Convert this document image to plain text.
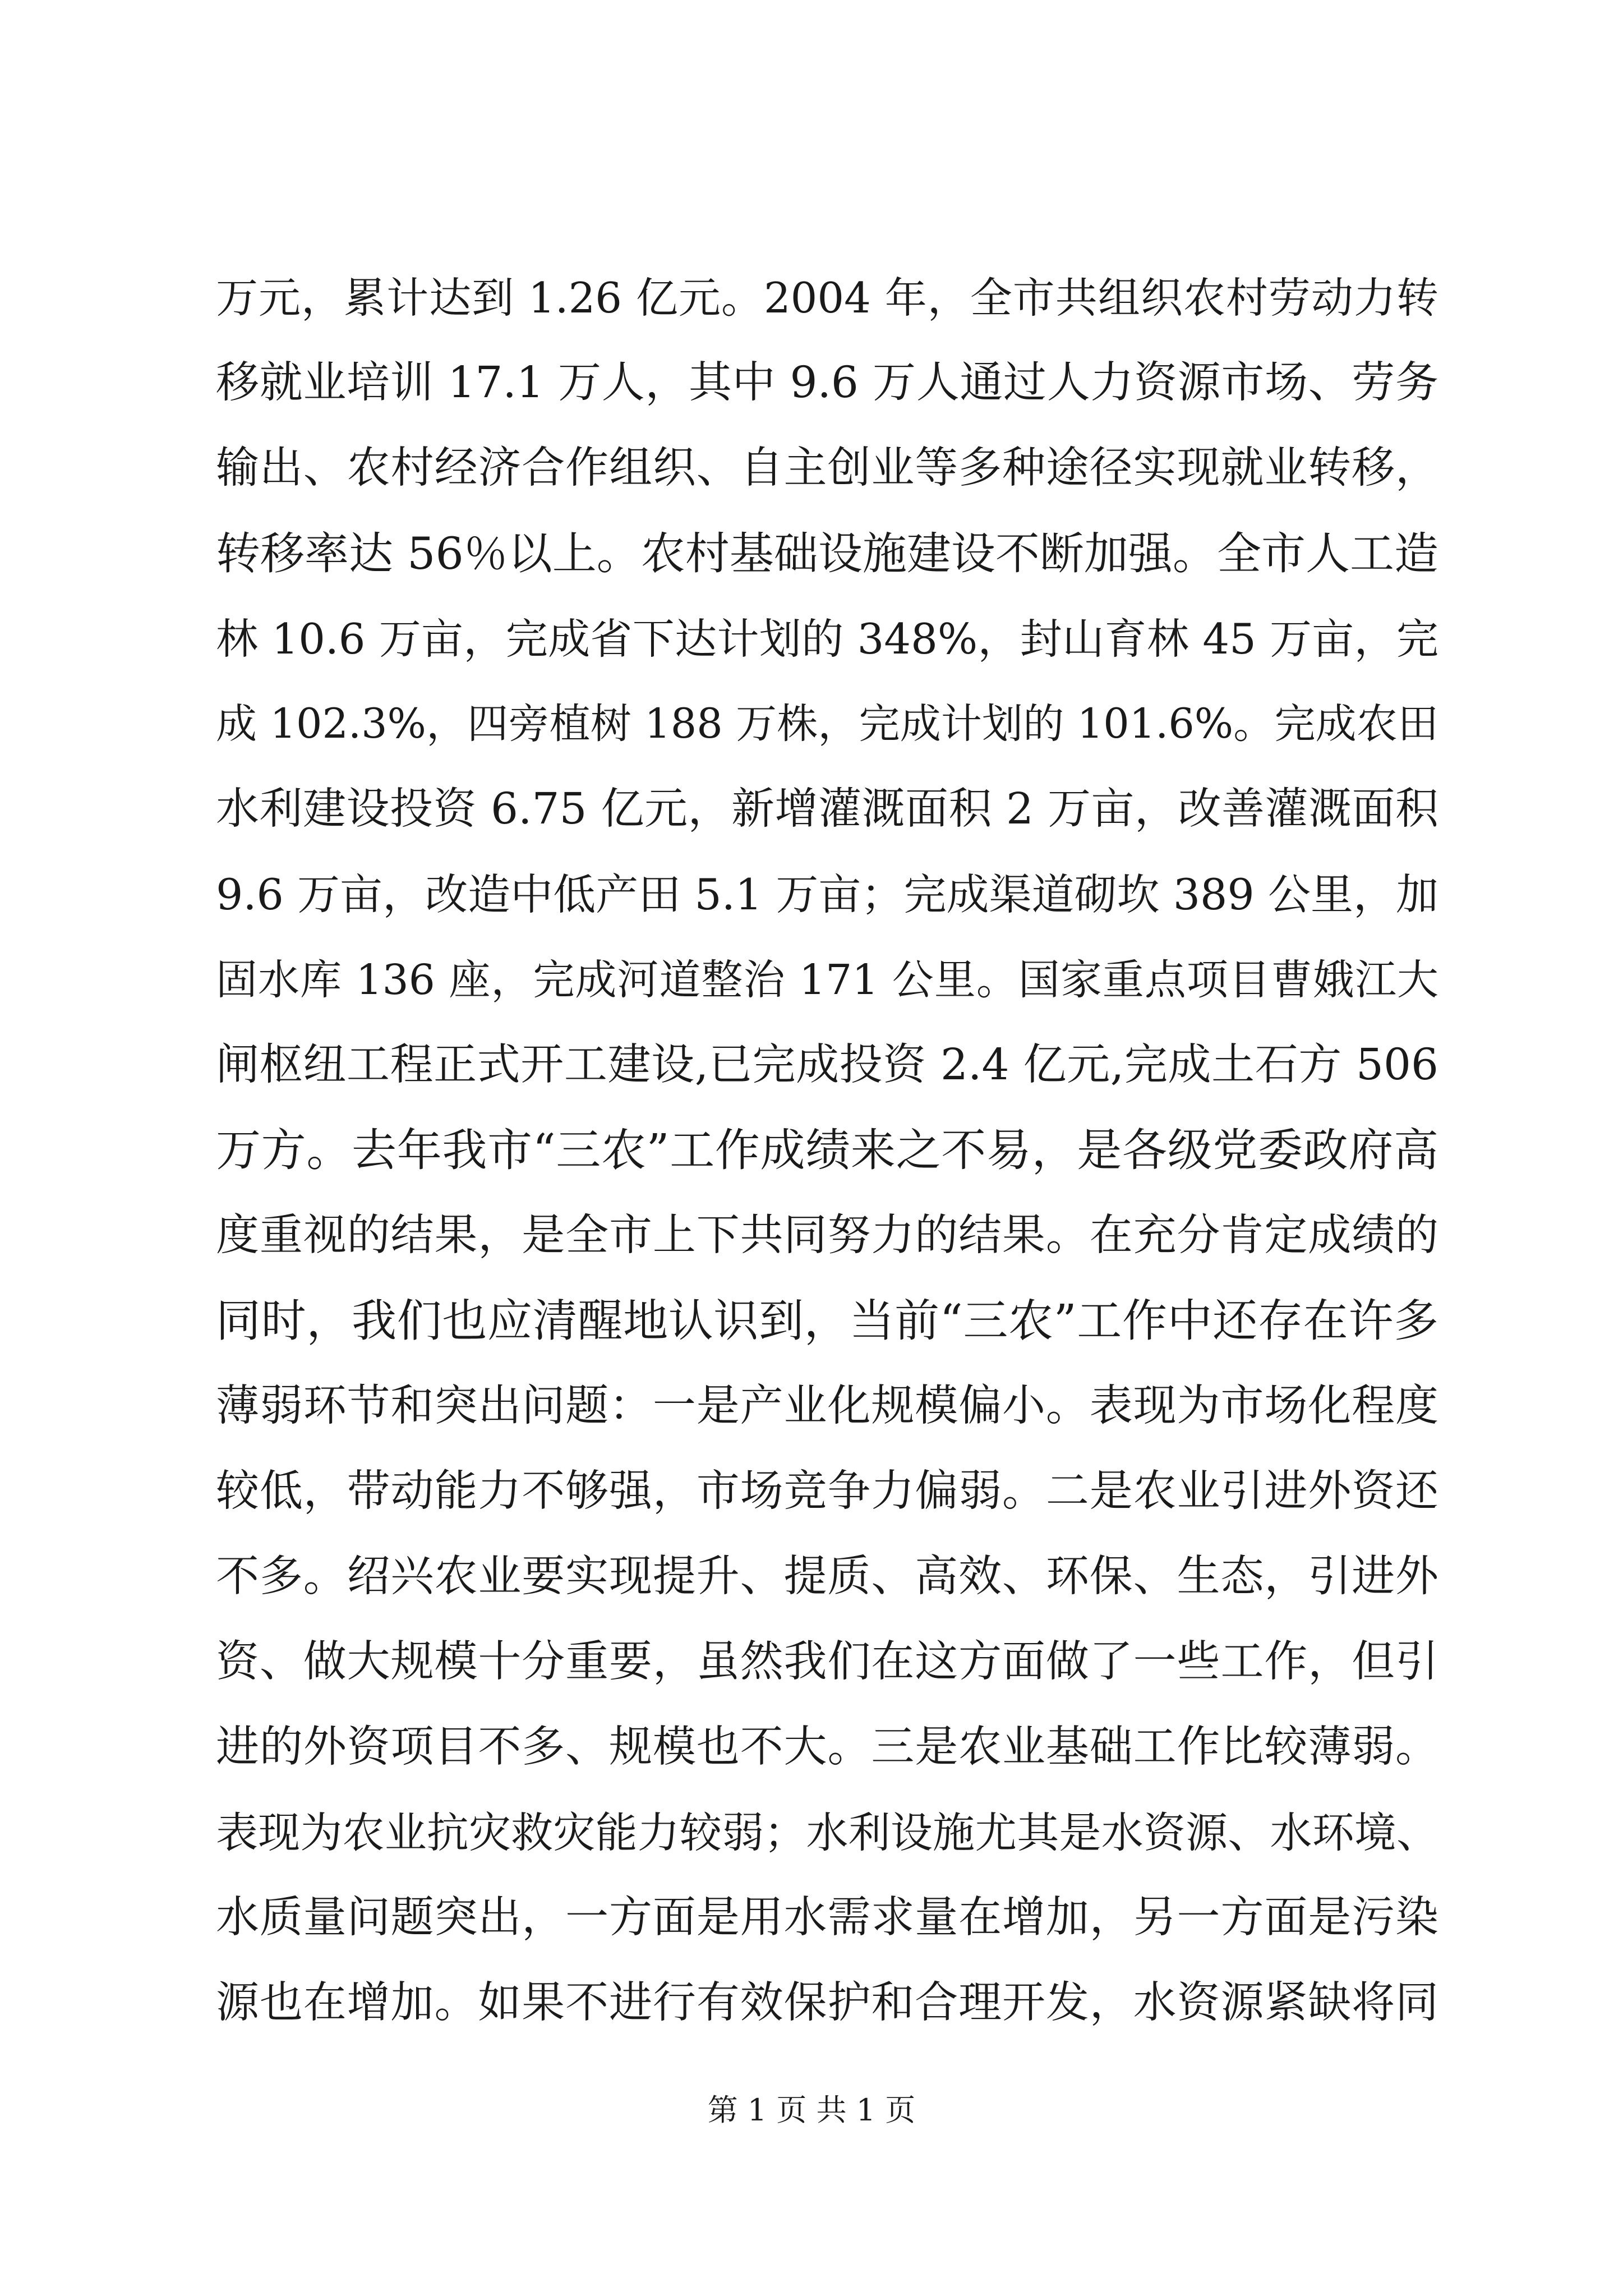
万元，累计达到 1.26 亿元。2004 年，全市共组织农村劳动力转
移就业培训 17.1 万人，其中 9.6 万人通过人力资源市场、劳务
输出、农村经济合作组织、自主创业等多种途径实现就业转移，
转移率达 56％以上。农村基础设施建设不断加强。全市人工造
林 10.6 万亩，完成省下达计划的 348%，封山育林 45 万亩，完
成 102.3%，四旁植树 188 万株，完成计划的 101.6%。完成农田
水利建设投资 6.75 亿元，新增灌溉面积 2 万亩，改善灌溉面积
9.6 万亩，改造中低产田 5.1 万亩；完成渠道砌坎 389 公里，加
固水库 136 座，完成河道整治 171 公里。国家重点项目曹娥江大
闸枢纽工程正式开工建设,已完成投资 2.4 亿元,完成土石方 506
万方。去年我市“三农”工作成绩来之不易，是各级党委政府高
度重视的结果，是全市上下共同努力的结果。在充分肯定成绩的
同时，我们也应清醒地认识到，当前“三农”工作中还存在许多
薄弱环节和突出问题：一是产业化规模偏小。表现为市场化程度
较低，带动能力不够强，市场竞争力偏弱。二是农业引进外资还
不多。绍兴农业要实现提升、提质、高效、环保、生态，引进外
资、做大规模十分重要，虽然我们在这方面做了一些工作，但引
进的外资项目不多、规模也不大。三是农业基础工作比较薄弱。
表现为农业抗灾救灾能力较弱；水利设施尤其是水资源、水环境、
水质量问题突出，一方面是用水需求量在增加，另一方面是污染
源也在增加。如果不进行有效保护和合理开发，水资源紧缺将同
第 1 页 共 1 页
